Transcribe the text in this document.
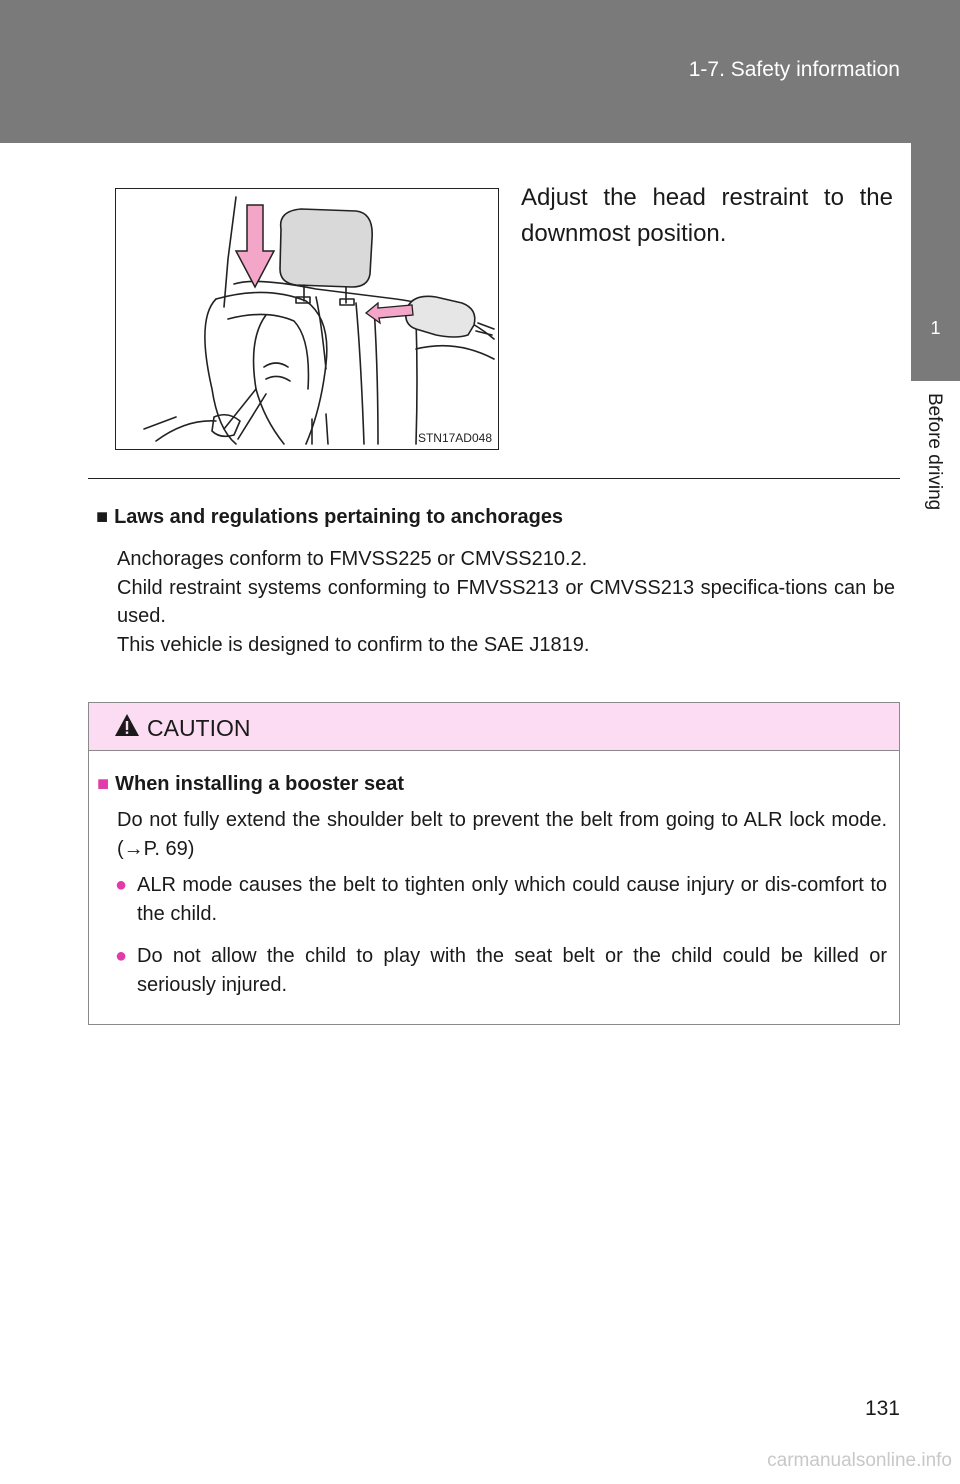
1-7. Safety information
1
Before driving
STN17AD048
Adjust the head restraint to the downmost position.
■ Laws and regulations pertaining to anchorages

Anchorages conform to FMVSS225 or CMVSS210.2.

Child restraint systems conforming to FMVSS213 or CMVSS213 specifica-tions can be used.

This vehicle is designed to confirm to the SAE J1819.

CAUTION
■ When installing a booster seat
Do not fully extend the shoulder belt to prevent the belt from going to ALR lock mode. (→P. 69)
● ALR mode causes the belt to tighten only which could cause injury or dis-comfort to the child.
● Do not allow the child to play with the seat belt or the child could be killed or seriously injured.
131
carmanualsonline.info
